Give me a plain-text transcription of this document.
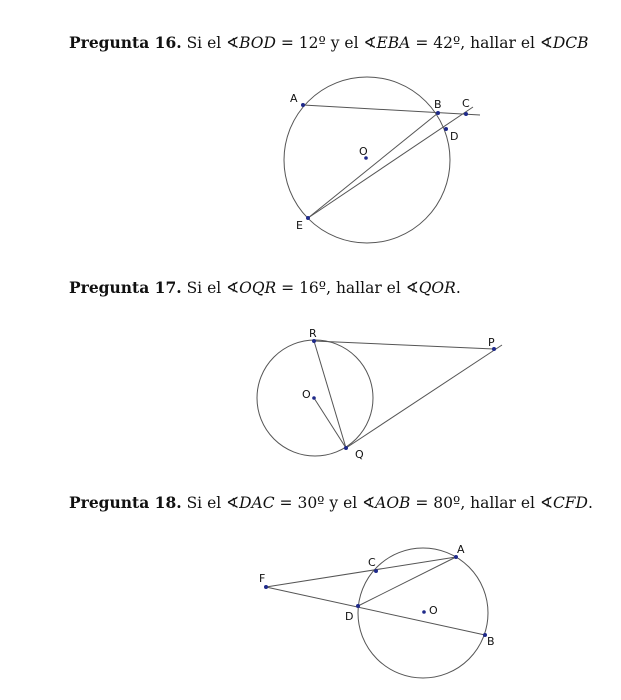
Pregunta 16. Si el ∢BOD = 12º y el ∢EBA = 42º, hallar el ∢DCB
Pregunta 17. Si el ∢OQR = 16º, hallar el ∢QOR.
Pregunta 18. Si el ∢DAC = 30º y el ∢AOB = 80º, hallar el ∢CFD.
A	B C
D
O
E
R
P
O
Q
C
A
F
D	O
B
